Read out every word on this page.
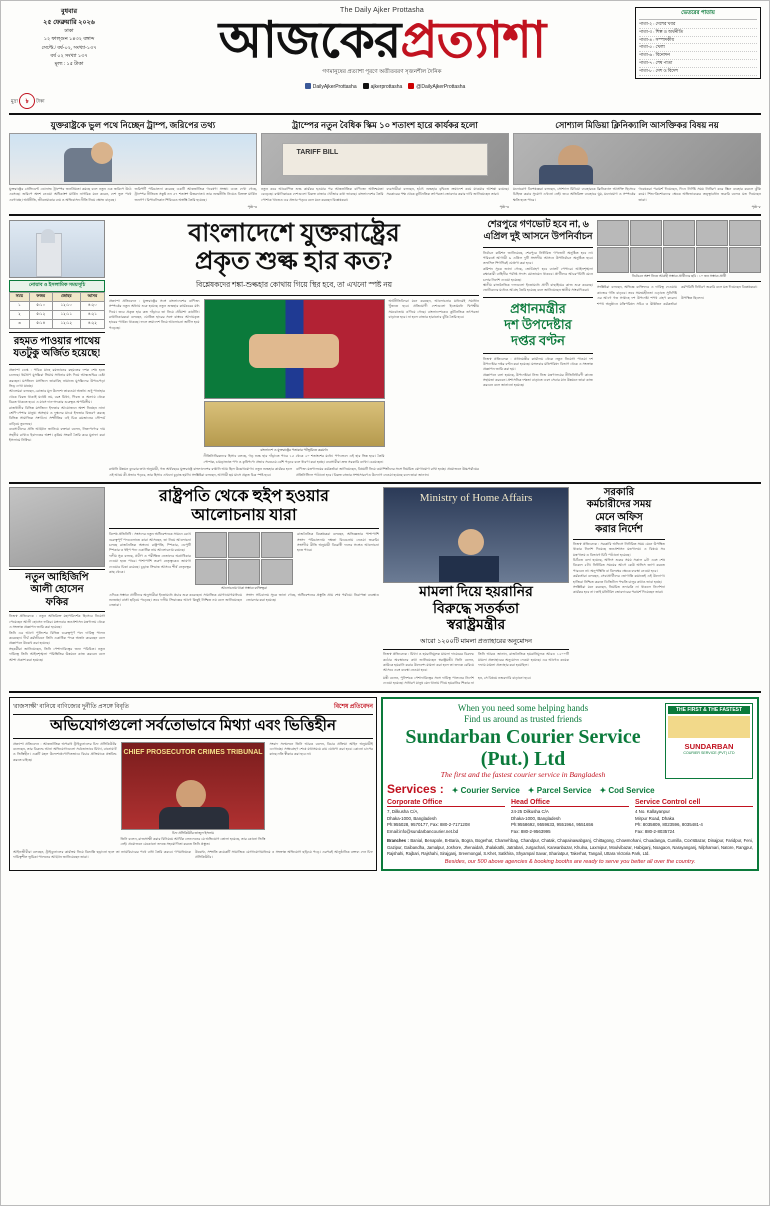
বুধবার
২৫ ফেব্রুয়ারি ২০২৬
ঢাকা
১২ ফাল্গুন ১৪৩২ বঙ্গাব্দ
সেপ্টে./ বর্ষ-০২, সংখ্যা-১৩৭
বর্ষ ০২ সংখ্যা ১৩৭
মূল্য : ১৫ টাকা
The Daily Ajker Prottasha
আজকেরপ্রত্যাশা
গণমানুষের প্রত্যাশা পূরণে অতীতবরণ সৃজনশীল দৈনিক
ভেতরের পাতায়
পাতা-২ : দেশের খবর
পাতা-৩ : শিল্প ও অর্থনীতি
পাতা-৪ : সম্পাদকীয়
পাতা-৫ : খেলা
পাতা-৬ : বিনোদন
পাতা-৭ : শেষ পাতা
পাতা-৮ : দেশ ও বিদেশ
DailyAjkerProttasha	ajkerprottasha	@DailyAjkerProttasha
মুদ্রা ৳ টাকা
যুক্তরাষ্ট্রকে ভুল পথে নিচ্ছেন ট্রাম্প, জরিপের তথ্য
যুক্তরাষ্ট্রের প্রেসিডেন্ট ডোনাল্ড ট্রাম্পের জনপ্রিয়তা কমছে বলে নতুন এক জরিপে উঠে এসেছে। জরিপে অংশ নেওয়া অধিকাংশ মার্কিন নাগরিক মনে করেন, দেশ ভুল পথে এগোচ্ছে। অর্থনীতি, জীবনযাত্রার ব্যয় ও অভিবাসন নীতি নিয়ে ক্ষোভ বাড়ছে।
জরিপটি পরিচালনা করেছে একটি আন্তর্জাতিক গবেষণা সংস্থা। এতে দেখা গেছে, ট্রাম্পের নীতিতে সন্তুষ্ট নন ৫৭ শতাংশ উত্তরদাতা। তার শুল্কনীতি নিয়েও বিভক্ত মার্কিন জনগণ। রিপাবলিকান শিবিরেও অস্বস্তি তৈরি হয়েছে।
পৃষ্ঠা-৩
ট্রাম্পের নতুন বৈধিক স্কিম ১০ শতাংশ হারে কার্যকর হলো
TARIFF BILL
নতুন করে আরোপিত শুল্ক কার্যকর হওয়ার পর আন্তর্জাতিক বাণিজ্যে অনিশ্চয়তা বেড়েছে। রপ্তানিকারক দেশগুলো বিকল্প বাজার খোঁজার কথা ভাবছে। বাংলাদেশের তৈরি পোশাক খাতেও এর প্রভাব পড়বে বলে মনে করছেন বিশ্লেষকরা।
ব্যবসায়ীরা বলছেন, হঠাৎ শুল্কহার বৃদ্ধিতে ক্রয়াদেশ কমে যাওয়ার আশঙ্কা রয়েছে। সরকারের পক্ষ থেকে কূটনৈতিক তৎপরতা জোরদার করার দাবি জানিয়েছেন তারা।
পৃষ্ঠা-৩
সোশ্যাল মিডিয়া ক্লিনিক্যালি আসক্তিকর বিষয় নয়
মনোরোগ বিশেষজ্ঞরা বলছেন, সোশ্যাল মিডিয়া ব্যবহারকে ক্লিনিক্যাল আসক্তি হিসেবে চিহ্নিত করার সুযোগ এখনো নেই। তবে অতিরিক্ত ব্যবহারে ঘুম, মনোযোগ ও সম্পর্কের ক্ষতি হতে পারে।
গবেষকরা পরামর্শ দিয়েছেন, দিনে নির্দিষ্ট সময় নির্ধারণ করে স্ক্রিন ব্যবহার করলে ঝুঁকি কমে। শিশু-কিশোরদের ক্ষেত্রে অভিভাবকের তত্ত্বাবধান জরুরি বলেও মত দিয়েছেন তারা।
পৃষ্ঠা-৮
নোয়াব ও ইসলামিক সময়সূচি
সময়	ফজর	জোহর	আসর
১	৫:১০	১২:১০	৪:২০
২	৫:১২	১২:১১	৪:২১
৩	৫:১৪	১২:১২	৪:২২
রহমত পাওয়ার পাথেয় যতটুকু অর্জিত হয়েছে!
প্রত্যাশা ডেস্ক : পবিত্র মাহে রমজানের রহমতের দশক শেষ হতে চলেছে। ধর্মপ্রাণ মুসল্লিরা সিয়াম সাধনার মধ্য দিয়ে আত্মশুদ্ধির চেষ্টা করছেন। মসজিদে মসজিদে তারাবিহ নামাজে মুসল্লিদের উপচেপড়া ভিড় দেখা যাচ্ছে।
আলেমরা বলছেন, রোজার মূল উদ্দেশ্য তাকওয়া অর্জন। শুধু পানাহার থেকে বিরত থাকাই যথেষ্ট নয়, বরং মিথ্যা, গিবত ও অন্যায় থেকে বিরত থাকতে হবে। এ মাসে দান-সদকার গুরুত্বও অপরিসীম।
রাজধানীর বিভিন্ন মসজিদে ইফতার আয়োজনে অংশ নিচ্ছেন নানা শ্রেণি-পেশার মানুষ। অসহায় ও দুস্থদের মাঝে ইফতার বিতরণ করছে বিভিন্ন সামাজিক সংগঠন। সম্প্রীতির এই চিত্র রমজানের সৌন্দর্য বাড়িয়ে তুলেছে।
ব্যবসায়ীদের প্রতি আহ্বান জানিয়ে বক্তারা বলেন, নিত্যপণ্যের দাম সহনীয় রাখাও ইবাদতের অংশ। কৃত্রিম সংকট তৈরি করে মুনাফা করা ইসলামে নিষিদ্ধ।
বাংলাদেশে যুক্তরাষ্ট্রের
প্রকৃত শুল্ক হার কত?
বিশ্লেষকদের শঙ্কা-শুল্কহার কোথায় গিয়ে স্থির হবে, তা এখনো স্পষ্ট নয়
প্রত্যাশা প্রতিবেদন : যুক্তরাষ্ট্রের সঙ্গে বাংলাদেশের বাণিজ্য সম্পর্কের নতুন অধ্যায় শুরু হয়েছে নতুন শুল্কহার কার্যকরের মধ্য দিয়ে। তবে প্রকৃত হার কত দাঁড়াবে তা নিয়ে ধোঁয়াশা কাটেনি। রপ্তানিকারকরা বলছেন, ঘোষিত হারের সঙ্গে বাস্তবে আদায়কৃত হারের পার্থক্য থাকছে। ফলে ক্রয়াদেশ নিয়ে আলোচনা জটিল হয়ে পড়েছে।
বাংলাদেশ ও যুক্তরাষ্ট্রের পতাকার পটভূমিতে করমর্দন
নীতিনির্ধারকদের হিসাব বলছে, গড় শুল্ক হার দাঁড়াতে পারে ১৫ থেকে ২০ শতাংশের মধ্যে। পণ্যভেদে এই হার ভিন্ন হবে। তৈরি পোশাক, চামড়াজাত পণ্য ও কৃষিপণ্যে প্রভাব সবচেয়ে বেশি পড়বে বলে ধারণা করা হচ্ছে। ব্যবসায়ীরা দ্রুত সরকারি ব্যাখ্যা চেয়েছেন।
অর্থনীতিবিদরা মনে করছেন, আলোচনার মাধ্যমেই সমাধান খুঁজতে হবে। প্রতিযোগী দেশগুলো ইতোমধ্যে দ্বিপক্ষীয় সমঝোতায় এগিয়ে গেছে। বাংলাদেশকেও কূটনৈতিক তৎপরতা বাড়াতে হবে। না হলে বাজার হারানোর ঝুঁকি তৈরি হবে।
রপ্তানি উন্নয়ন ব্যুরোর তথ্য অনুযায়ী, গত অর্থবছরে যুক্তরাষ্ট্রে বাংলাদেশের রপ্তানি আয় ছিল উল্লেখযোগ্য। নতুন শুল্কহার কার্যকর হলে এই আয়ে কী প্রভাব পড়বে, তার হিসাব এখনো চূড়ান্ত হয়নি। সংশ্লিষ্টরা বলছেন, আগামী ছয় মাসে প্রকৃত চিত্র স্পষ্ট হবে।
বাণিজ্য মন্ত্রণালয়ের কর্মকর্তারা জানিয়েছেন, বিষয়টি নিয়ে ওয়াশিংটনের সঙ্গে নিয়মিত যোগাযোগ রাখা হচ্ছে। প্রয়োজনে উচ্চপর্যায়ের প্রতিনিধিদল পাঠানো হবে। বিকল্প বাজার সম্প্রসারণেও উদ্যোগ নেওয়া হয়েছে বলে তারা জানান।
শেরপুরে গণভোট হবে না, ৬ এপ্রিল দুই আসনে উপনির্বাচন
নির্বাচন কমিশন জানিয়েছে, শেরপুরে নির্ধারিত গণভোট অনুষ্ঠিত হবে না। পরিবর্তে আগামী ৬ এপ্রিল দুটি সংসদীয় আসনে উপনির্বাচন অনুষ্ঠিত হবে। তফসিল শিগগিরই ঘোষণা করা হবে।
কমিশন সূত্রে জানা গেছে, ভোটগ্রহণ হবে ব্যালট পেপারে। আইনশৃঙ্খলা রক্ষাকারী বাহিনীর পর্যাপ্ত সদস্য মোতায়েন থাকবে। প্রার্থীদের আচরণবিধি মেনে চলার নির্দেশ দেওয়া হয়েছে।
স্থানীয় রাজনৈতিক দলগুলো ইতোমধ্যে প্রার্থী বাছাইয়ের কাজ শুরু করেছে। ভোটারদের মধ্যেও আগ্রহ তৈরি হয়েছে বলে জানিয়েছেন স্থানীয় সাংবাদিকরা।
প্রধানমন্ত্রীর
দশ উপদেষ্টার
দপ্তর বণ্টন
নিজস্ব প্রতিবেদক : প্রধানমন্ত্রীর কার্যালয় থেকে নতুন নিয়োগ পাওয়া দশ উপদেষ্টার দপ্তর বণ্টন করা হয়েছে। মঙ্গলবার মন্ত্রিপরিষদ বিভাগ থেকে এ সংক্রান্ত প্রজ্ঞাপন জারি করা হয়।
প্রজ্ঞাপনে বলা হয়েছে, উপদেষ্টারা নিজ নিজ মন্ত্রণালয়ের নীতিনির্ধারণী কাজে সহায়তা করবেন। প্রশাসনিক দক্ষতা বাড়াতে এবং সেবার মান উন্নয়নে তারা কাজ করবেন বলে জানানো হয়েছে।
নির্বাচনে অংশ নিতে আগ্রহী সম্ভাব্য প্রার্থীদের ছবি : ১০ জন সম্ভাব্য প্রার্থী
সংশ্লিষ্টরা বলছেন, অভিজ্ঞ ব্যক্তিদের এ দায়িত্ব দেওয়ায় কাজের গতি বাড়বে। তবে সমন্বয়হীনতা এড়াতে সুনির্দিষ্ট কর্মপরিধি নির্ধারণ জরুরি বলে মত দিয়েছেন বিশ্লেষকরা।
এর আগে গত সপ্তাহে দশ উপদেষ্টা শপথ গ্রহণ করেন। শপথ অনুষ্ঠানে মন্ত্রিপরিষদ সচিব ও ঊর্ধ্বতন কর্মকর্তারা উপস্থিত ছিলেন।
নতুন আহিজিপি
আলী হোসেন
ফকির
নিজস্ব প্রতিবেদক : নতুন অতিরিক্ত মহাপরিদর্শক হিসেবে নিয়োগ পেয়েছেন আলী হোসেন ফকির। মঙ্গলবার জনপ্রশাসন মন্ত্রণালয় থেকে এ সংক্রান্ত প্রজ্ঞাপন জারি করা হয়েছে।
তিনি এর আগে পুলিশের বিভিন্ন গুরুত্বপূর্ণ পদে দায়িত্ব পালন করেছেন। দীর্ঘ কর্মজীবনে তিনি একাধিক পদক অর্জন করেছেন বলে প্রজ্ঞাপনে উল্লেখ করা হয়েছে।
সহকর্মীরা জানিয়েছেন, তিনি পেশাদারিত্বের জন্য পরিচিত। নতুন দায়িত্বে তিনি আইনশৃঙ্খলা পরিস্থিতির উন্নয়নে কাজ করবেন বলে আশা প্রকাশ করা হয়েছে।
রাষ্ট্রপতি থেকে হুইপ হওয়ার
আলোচনায় যারা
বিশেষ প্রতিনিধি : সংসদের নতুন অধিবেশনকে সামনে রেখে গুরুত্বপূর্ণ পদগুলোতে কারা আসছেন, তা নিয়ে আলোচনা চলছে রাজনৈতিক অঙ্গনে। রাষ্ট্রপতি, স্পিকার, ডেপুটি স্পিকার ও হুইপ পদে একাধিক নাম আলোচনায় রয়েছে।
দলীয় সূত্র বলছে, প্রবীণ ও পরীক্ষিত নেতাদের অগ্রাধিকার দেওয়া হতে পারে। পাশাপাশি তরুণ নেতৃত্বকেও জায়গা দেওয়ার চিন্তা রয়েছে। চূড়ান্ত সিদ্ধান্ত আসবে শীর্ষ নেতৃত্বের কাছ থেকে।
আলোচনায় থাকা সম্ভাব্য ব্যক্তিত্বরা
রাজনৈতিক বিশ্লেষকরা বলছেন, অভিজ্ঞতার পাশাপাশি সংসদ পরিচালনায় দক্ষতা বিবেচনায় নেওয়া জরুরি। সংসদীয় রীতি অনুযায়ী বিরোধী দলের সঙ্গেও আলোচনা হতে পারে।
এদিকে সম্ভাব্য প্রার্থীদের অনুসারীরা ইতোমধ্যে প্রচার শুরু করেছেন। সামাজিক যোগাযোগমাধ্যমে শুভেচ্ছা বার্তা ছড়িয়ে পড়েছে। তবে দলীয় সিদ্ধান্তের আগে কিছুই নিশ্চিত নয় বলে জানিয়েছেন নেতারা।
সংসদ সচিবালয় সূত্রে জানা গেছে, অধিবেশনের প্রস্তুতি প্রায় শেষ পর্যায়ে। নিরাপত্তা ব্যবস্থাও জোরদার করা হয়েছে।
Ministry of Home Affairs
মামলা দিয়ে হয়রানির
বিরুদ্ধে সতর্কতা
স্বরাষ্ট্রমন্ত্রীর
আরো ১২০০টি মামলা প্রত্যাহারের অনুমোদন
নিজস্ব প্রতিবেদক : মিথ্যা ও হয়রানিমূলক মামলা দায়েরের বিরুদ্ধে কঠোর অবস্থানের কথা জানিয়েছেন স্বরাষ্ট্রমন্ত্রী। তিনি বলেন, কাউকে হয়রানি করার উদ্দেশ্যে মামলা করা হলে তা তদন্তে বেরিয়ে আসবে এবং ব্যবস্থা নেওয়া হবে।
তিনি আরও জানান, রাজনৈতিক হয়রানিমূলক আরও ১২০০টি মামলা প্রত্যাহারের অনুমোদন দেওয়া হয়েছে। এর আগেও কয়েক দফায় মামলা প্রত্যাহার করা হয়েছিল।
মন্ত্রী বলেন, পুলিশকে পেশাদারিত্বের সঙ্গে দায়িত্ব পালনের নির্দেশ দেওয়া হয়েছে। সাধারণ মানুষ যেন থানায় গিয়ে হয়রানির শিকার না হন, সে বিষয়ে নজরদারি বাড়ানো হবে।
সরকারি
কর্মচারীদের সময়
মেনে অফিস
করার নির্দেশ
নিজস্ব প্রতিবেদক : সরকারি অফিসে নির্ধারিত সময় মেনে উপস্থিত থাকার নির্দেশ দিয়েছে জনপ্রশাসন মন্ত্রণালয়। এ বিষয়ে সব মন্ত্রণালয় ও বিভাগে চিঠি পাঠানো হয়েছে।
চিঠিতে বলা হয়েছে, অফিস শুরুর সময় সকাল ৯টা এবং শেষ বিকেল ৫টা। নির্ধারিত সময়ের আগে কেউ অফিস ত্যাগ করতে পারবেন না। অনুপস্থিতি বা বিলম্বের ক্ষেত্রে ব্যবস্থা নেওয়া হবে।
কর্মকর্তারা বলছেন, সেবাপ্রার্থীদের ভোগান্তি কমাতেই এই উদ্যোগ। হাজিরা নিশ্চিত করতে ডিজিটাল পদ্ধতি চালুর কথাও ভাবা হচ্ছে।
সংশ্লিষ্টরা মনে করছেন, নিয়মিত তদারকি না থাকলে নির্দেশনা কার্যকর হবে না। তাই মনিটরিং জোরদারের পরামর্শ দিয়েছেন তারা।
'রাজসাক্ষী' বানিয়ে বাণিজ্যের দুর্নীতি প্রসঙ্গে বিবৃতি	বিশেষ প্রতিবেদন
অভিযোগগুলো সর্বতোভাবে মিথ্যা এবং ভিত্তিহীন
প্রত্যাশা প্রতিবেদন : আন্তর্জাতিক অপরাধ ট্রাইব্যুনালের চিফ প্রসিকিউটর বলেছেন, তার বিরুদ্ধে আনা অভিযোগগুলো সর্বতোভাবে মিথ্যা, বানোয়াট ও ভিত্তিহীন। একটি মহল উদ্দেশ্যপ্রণোদিতভাবে বিচার প্রক্রিয়াকে প্রশ্নবিদ্ধ করতে চাইছে।
CHIEF PROSECUTOR CRIMES TRIBUNAL
চিফ প্রসিকিউটর তাজুল ইসলাম
তিনি বলেন, রাজসাক্ষী করার বিনিময়ে আর্থিক লেনদেনের যে অভিযোগ তোলা হয়েছে, তার কোনো ভিত্তি নেই। প্রয়োজনে যেকোনো তদন্তে সহযোগিতা করতে তিনি প্রস্তুত।
সংবাদ সম্মেলনে তিনি আরও বলেন, বিচার প্রক্রিয়া আইন অনুযায়ীই এগোচ্ছে। সাক্ষ্যগ্রহণ শেষে যথাসময়ে রায় ঘোষণা করা হবে। কোনো চাপের কাছে নতি স্বীকার করা হবে না।
আইনজীবীরা বলছেন, ট্রাইব্যুনালের কার্যক্রম নিয়ে বিভ্রান্তি ছড়ানো হলে তা ন্যায়বিচারের পথে বাধা তৈরি করবে। গণমাধ্যমকে দায়িত্বশীল ভূমিকা পালনের আহ্বান জানিয়েছেন তারা।
উল্লেখ্য, সম্প্রতি কয়েকটি সামাজিক যোগাযোগমাধ্যমে এ সংক্রান্ত অভিযোগ ছড়িয়ে পড়ে। এরপরই আনুষ্ঠানিক বক্তব্য দেন চিফ প্রসিকিউটর।
When you need some helping hands
Find us around as trusted friends
Sundarban Courier Service (Put.) Ltd
The first and the fastest courier service in Bangladesh
THE FIRST & THE FASTEST
SUNDARBAN
COURIER SERVICE (PVT) LTD
Services : ✦ Courier Service ✦ Parcel Service ✦ Cod Service
Corporate Office
7, Dilkusha C/A,
Dhaka-1000, Bangladesh
Ph:955028, 9570177, Fax: 880-2-7171208
Email:info@sundarbancourier.net.bd
Head Office
24-25 Dilkusha C/A
Dhaka-1000, Bangladesh
Ph:9558692, 9559633, 9551964, 9551656
Fax: 880-2-9563995
Service Control cell
4 No. Kallayanpur
Mirpur Road, Dhaka
Ph: 8035809, 8023596, 8035481-4
Fax: 880-2-8035724
Branches : Banial, Benapole, B-Baria, Bogra, Bogerhat, Chamel'ibag, Chandpur, Chatak, Chapainawabganj, Chittagong, Chowmohani, Chuadanga, Cumilla, Cox'sBazar, Dinajpur, Faridpur, Feni, Gazipur, Gaibandha, Jamalpur, Joshore, Jhenaidah, Jhalakathi, Jatrabari, Jurgachari, Karwanbazar, Khulna, Laxmipur, Moulvibazar, Habiganj, Noagaon, Narayanganj, Nilphamari, Natore, Rangpur, Rajshahi, Rajbari, Rajshahi, Sirajganj, Sreemongal, S.Khet, Satkhira, Shyampal Savar, Shariatpur, Takerhat, Tangail, Uttara Victoria Park, Ltd.
Besides, our 500 above agencies & booking booths are ready to serve you better all over the country.
